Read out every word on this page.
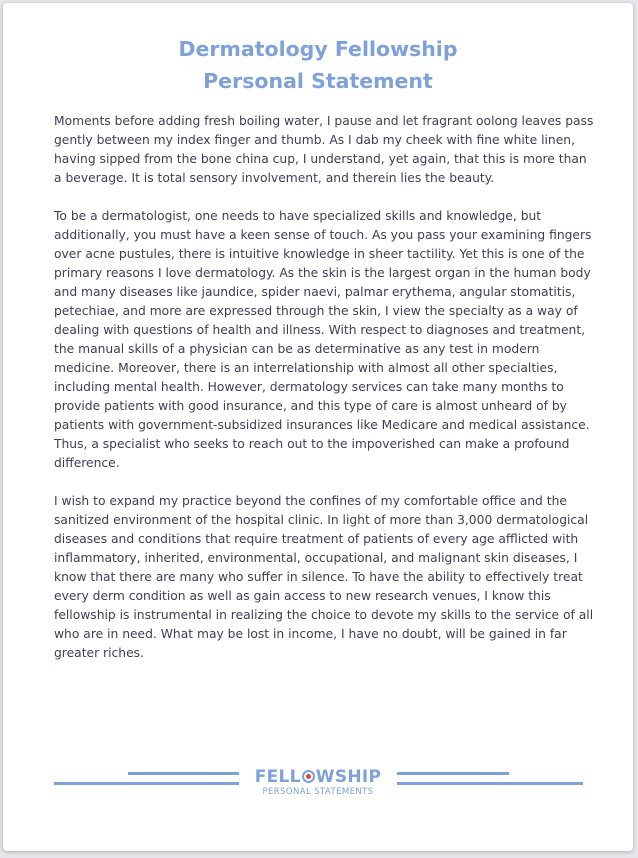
Dermatology Fellowship
Personal Statement

Moments before adding fresh boiling water, I pause and let fragrant oolong leaves pass gently between my index finger and thumb. As I dab my cheek with fine white linen, having sipped from the bone china cup, I understand, yet again, that this is more than a beverage. It is total sensory involvement, and therein lies the beauty.

To be a dermatologist, one needs to have specialized skills and knowledge, but additionally, you must have a keen sense of touch. As you pass your examining fingers over acne pustules, there is intuitive knowledge in sheer tactility. Yet this is one of the primary reasons I love dermatology. As the skin is the largest organ in the human body and many diseases like jaundice, spider naevi, palmar erythema, angular stomatitis, petechiae, and more are expressed through the skin, I view the specialty as a way of dealing with questions of health and illness. With respect to diagnoses and treatment, the manual skills of a physician can be as determinative as any test in modern medicine. Moreover, there is an interrelationship with almost all other specialties, including mental health. However, dermatology services can take many months to provide patients with good insurance, and this type of care is almost unheard of by patients with government-subsidized insurances like Medicare and medical assistance. Thus, a specialist who seeks to reach out to the impoverished can make a profound difference.

I wish to expand my practice beyond the confines of my comfortable office and the sanitized environment of the hospital clinic. In light of more than 3,000 dermatological diseases and conditions that require treatment of patients of every age afflicted with inflammatory, inherited, environmental, occupational, and malignant skin diseases, I know that there are many who suffer in silence. To have the ability to effectively treat every derm condition as well as gain access to new research venues, I know this fellowship is instrumental in realizing the choice to devote my skills to the service of all who are in need. What may be lost in income, I have no doubt, will be gained in far greater riches.

FELL WSHIP
PERSONAL STATEMENTS
